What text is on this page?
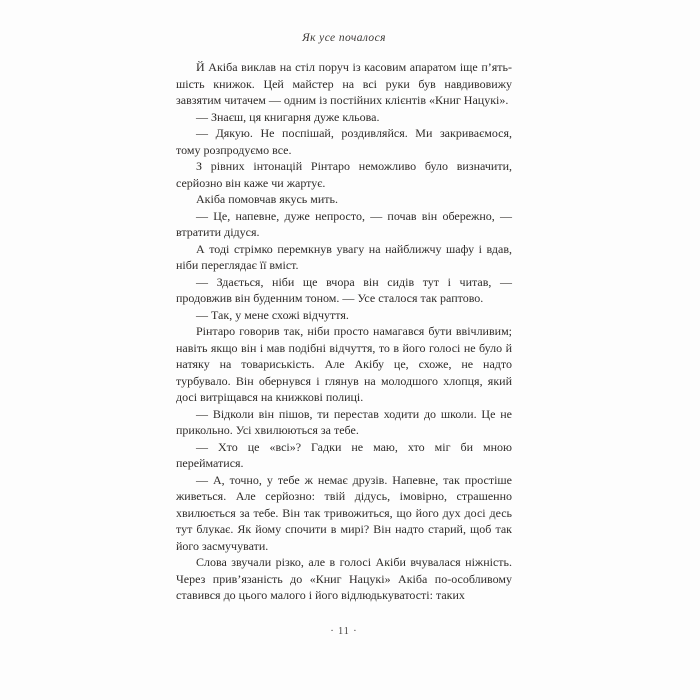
Як усе почалося

Й Акіба виклав на стіл поруч із касовим апаратом іще п’ять-шість книжок. Цей майстер на всі руки був навдивовижу завзятим читачем — одним із постійних клієнтів «Книг Нацукі».

— Знаєш, ця книгарня дуже кльова.

— Дякую. Не поспішай, роздивляйся. Ми закриваємося, тому розпродуємо все.

З рівних інтонацій Рінтаро неможливо було визначити, серйозно він каже чи жартує.

Акіба помовчав якусь мить.

— Це, напевне, дуже непросто, — почав він обережно, — втратити дідуся.

А тоді стрімко перемкнув увагу на найближчу шафу і вдав, ніби переглядає її вміст.

— Здається, ніби ще вчора він сидів тут і читав, — продовжив він буденним тоном. — Усе сталося так раптово.

— Так, у мене схожі відчуття.

Рінтаро говорив так, ніби просто намагався бути ввічливим; навіть якщо він і мав подібні відчуття, то в його голосі не було й натяку на товариськість. Але Акібу це, схоже, не надто турбувало. Він обернувся і глянув на молодшого хлопця, який досі витріщався на книжкові полиці.

— Відколи він пішов, ти перестав ходити до школи. Це не прикольно. Усі хвилюються за тебе.

— Хто це «всі»? Гадки не маю, хто міг би мною перейматися.

— А, точно, у тебе ж немає друзів. Напевне, так простіше живеться. Але серйозно: твій дідусь, імовірно, страшенно хвилюється за тебе. Він так тривожиться, що його дух досі десь тут блукає. Як йому спочити в мирі? Він надто старий, щоб так його засмучувати.

Слова звучали різко, але в голосі Акіби вчувалася ніжність. Через прив’язаність до «Книг Нацукі» Акіба по-особливому ставився до цього малого і його відлюдькуватості: таких

· 11 ·
